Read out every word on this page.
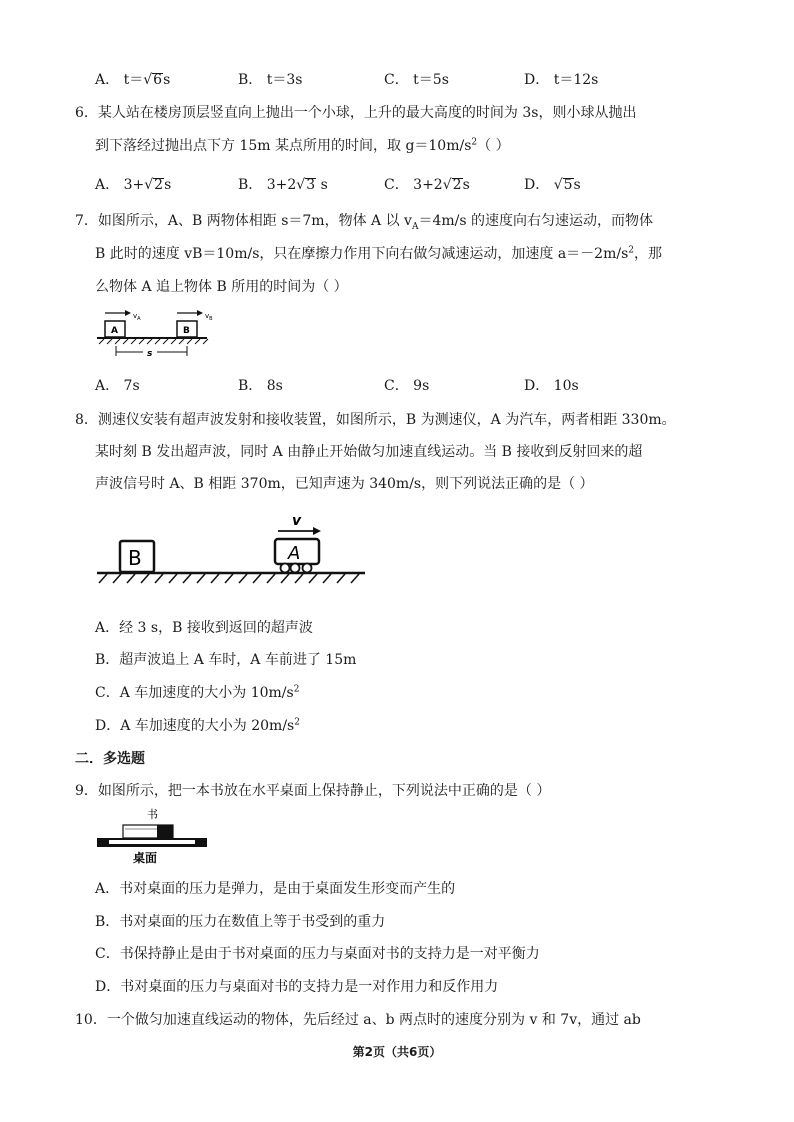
A． t＝√6s	B． t＝3s	C． t＝5s	D． t＝12s
6．某人站在楼房顶层竖直向上抛出一个小球，上升的最大高度的时间为 3s，则小球从抛出
到下落经过抛出点下方 15m 某点所用的时间，取 $g=10m/s^2$（ ）
A． 3+√2s	B． 3+2√3 s	C． 3+2√2s	D． √5s
7．如图所示，A、B 两物体相距 s＝7m，物体 A 以 $v_A=4m/s$ 的速度向右匀速运动，而物体
B 此时的速度 vB＝10m/s，只在摩擦力作用下向右做匀减速运动，加速度 $a=-2m/s^2$，那
么物体 A 追上物体 B 所用的时间为（ ）
A
$v_A$
B
$v_B$
s
A． 7s	B． 8s	C． 9s	D． 10s
8．测速仪安装有超声波发射和接收装置，如图所示，B 为测速仪，A 为汽车，两者相距 330m。
某时刻 B 发出超声波，同时 A 由静止开始做匀加速直线运动。当 B 接收到反射回来的超
声波信号时 A、B 相距 370m，已知声速为 340m/s，则下列说法正确的是（ ）
B	A
v
A．经 3 s，B 接收到返回的超声波
B．超声波追上 A 车时，A 车前进了 15m
C．A 车加速度的大小为 $10m/s^2$
D．A 车加速度的大小为 $20m/s^2$
二．多选题
9．如图所示，把一本书放在水平桌面上保持静止，下列说法中正确的是（ ）
书
桌面
A．书对桌面的压力是弹力，是由于桌面发生形变而产生的
B．书对桌面的压力在数值上等于书受到的重力
C．书保持静止是由于书对桌面的压力与桌面对书的支持力是一对平衡力
D．书对桌面的压力与桌面对书的支持力是一对作用力和反作用力
10．一个做匀加速直线运动的物体，先后经过 a、b 两点时的速度分别为 v 和 7v，通过 ab
第2页（共6页）
